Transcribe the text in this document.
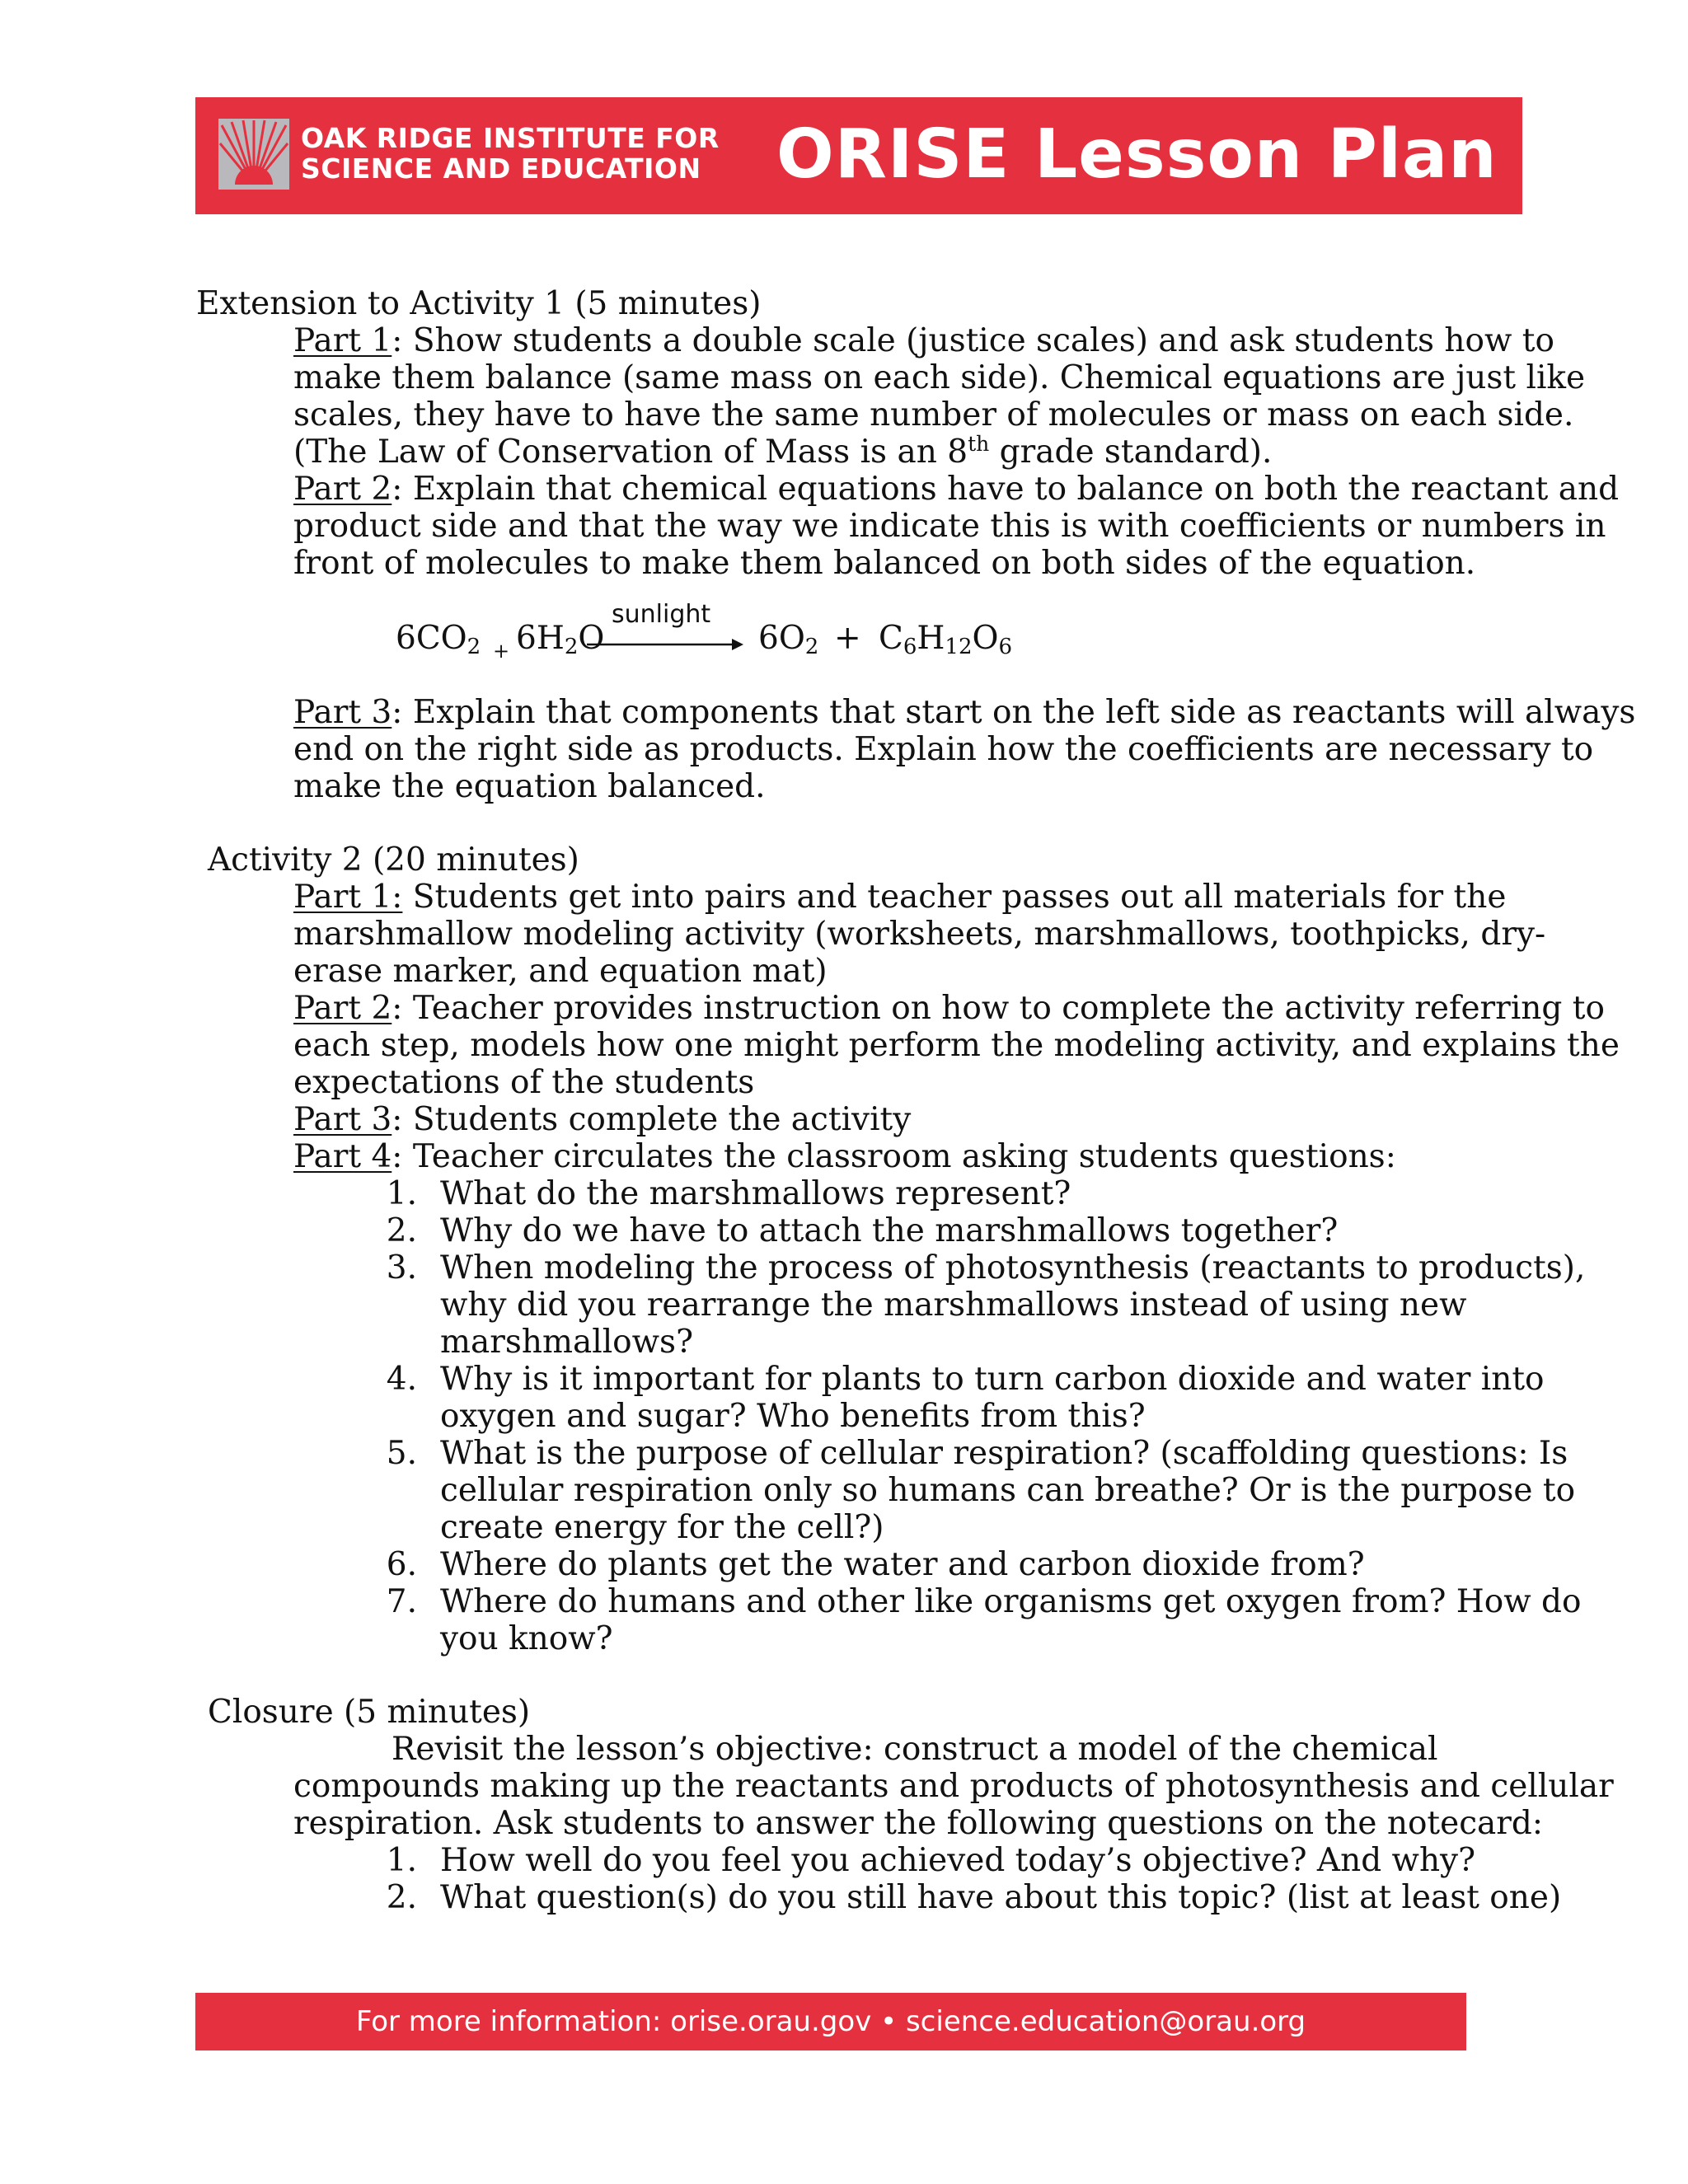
OAK RIDGE INSTITUTE FOR
SCIENCE AND EDUCATION ORISE Lesson Plan
Extension to Activity 1 (5 minutes)
Part 1: Show students a double scale (justice scales) and ask students how to
make them balance (same mass on each side). Chemical equations are just like
scales, they have to have the same number of molecules or mass on each side.
(The Law of Conservation of Mass is an 8th grade standard).
Part 2: Explain that chemical equations have to balance on both the reactant and
product side and that the way we indicate this is with coefficients or numbers in
front of molecules to make them balanced on both sides of the equation.
sunlight
$6CO_2 + 6H_2O$	$6O_2 + C_6H_{12}O_6$
Part 3: Explain that components that start on the left side as reactants will always
end on the right side as products. Explain how the coefficients are necessary to
make the equation balanced.
Activity 2 (20 minutes)
Part 1: Students get into pairs and teacher passes out all materials for the
marshmallow modeling activity (worksheets, marshmallows, toothpicks, dry-
erase marker, and equation mat)
Part 2: Teacher provides instruction on how to complete the activity referring to
each step, models how one might perform the modeling activity, and explains the
expectations of the students
Part 3: Students complete the activity
Part 4: Teacher circulates the classroom asking students questions:
1. What do the marshmallows represent?
2. Why do we have to attach the marshmallows together?
3. When modeling the process of photosynthesis (reactants to products),
why did you rearrange the marshmallows instead of using new
marshmallows?
4. Why is it important for plants to turn carbon dioxide and water into
oxygen and sugar? Who benefits from this?
5. What is the purpose of cellular respiration? (scaffolding questions: Is
cellular respiration only so humans can breathe? Or is the purpose to
create energy for the cell?)
6. Where do plants get the water and carbon dioxide from?
7. Where do humans and other like organisms get oxygen from? How do
you know?
Closure (5 minutes)
Revisit the lesson’s objective: construct a model of the chemical
compounds making up the reactants and products of photosynthesis and cellular
respiration. Ask students to answer the following questions on the notecard:
1. How well do you feel you achieved today’s objective? And why?
2. What question(s) do you still have about this topic? (list at least one)
For more information: orise.orau.gov • science.education@orau.org
